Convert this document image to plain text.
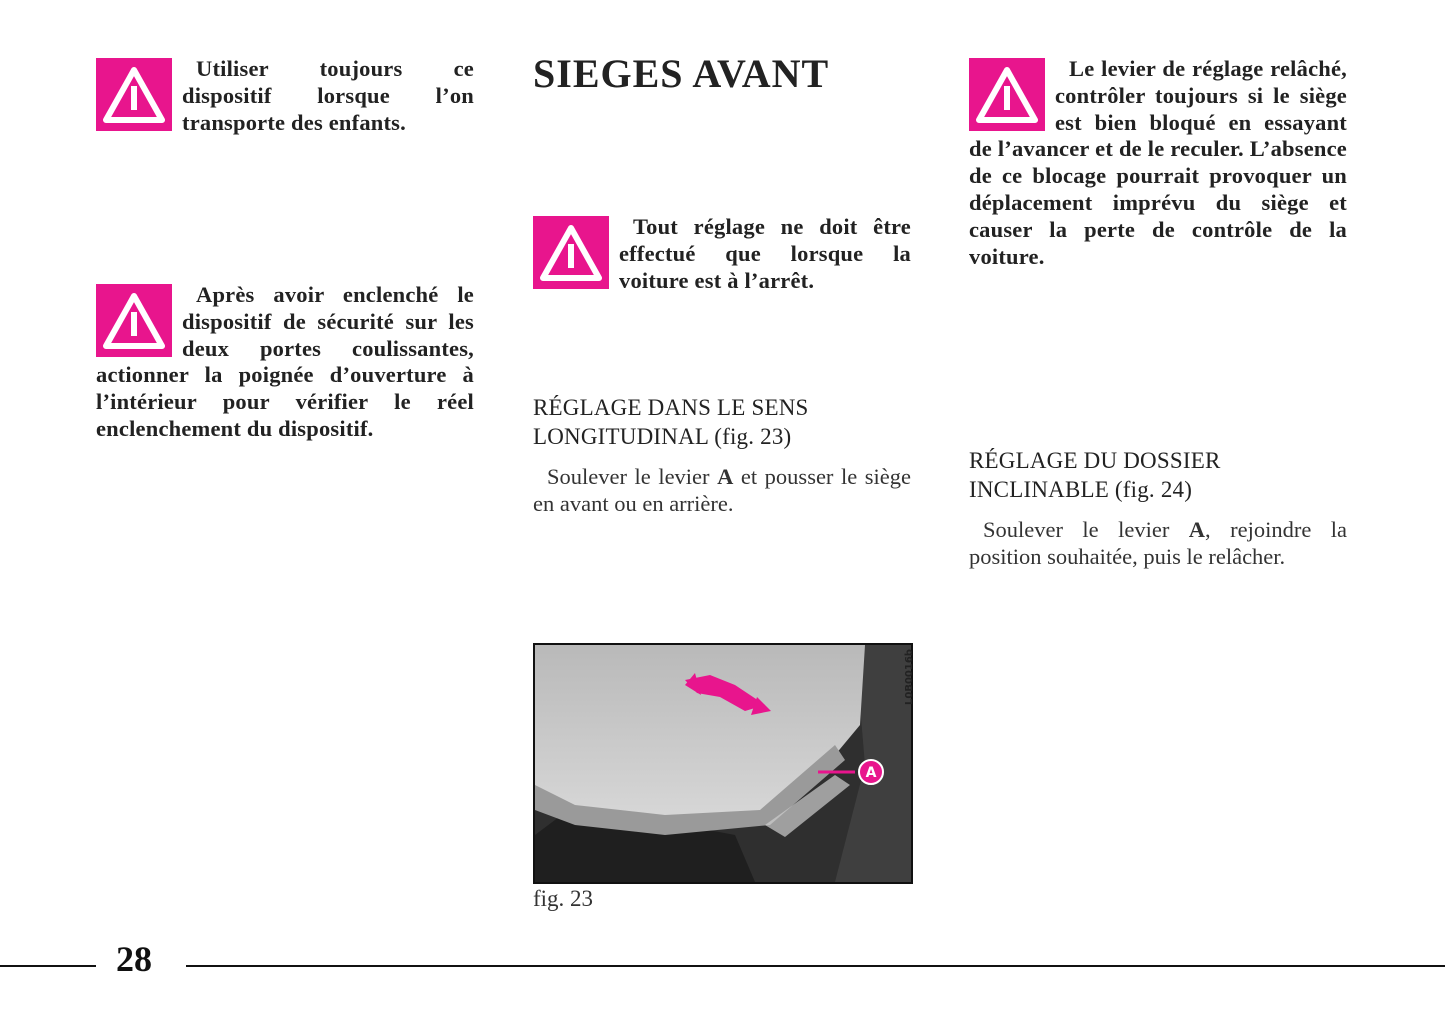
Utiliser toujours ce dispositif lorsque l’on transporte des enfants.
Après avoir enclenché le dispositif de sécurité sur les deux portes coulissantes, actionner la poignée d’ouverture à l’intérieur pour vérifier le réel enclenchement du dispositif.
SIEGES AVANT
Tout réglage ne doit être effectué que lorsque la voiture est à l’arrêt.
RÉGLAGE DANS LE SENS
LONGITUDINAL (fig. 23)
Soulever le levier A et pousser le siège en avant ou en arrière.
A
L0B0016b
fig. 23
Le levier de réglage relâché, contrôler toujours si le siège est bien bloqué en essayant de l’avancer et de le reculer. L’absence de ce blocage pourrait provoquer un déplacement imprévu du siège et causer la perte de contrôle de la voiture.
RÉGLAGE DU DOSSIER
INCLINABLE (fig. 24)
Soulever le levier A, rejoindre la position souhaitée, puis le relâcher.
28
